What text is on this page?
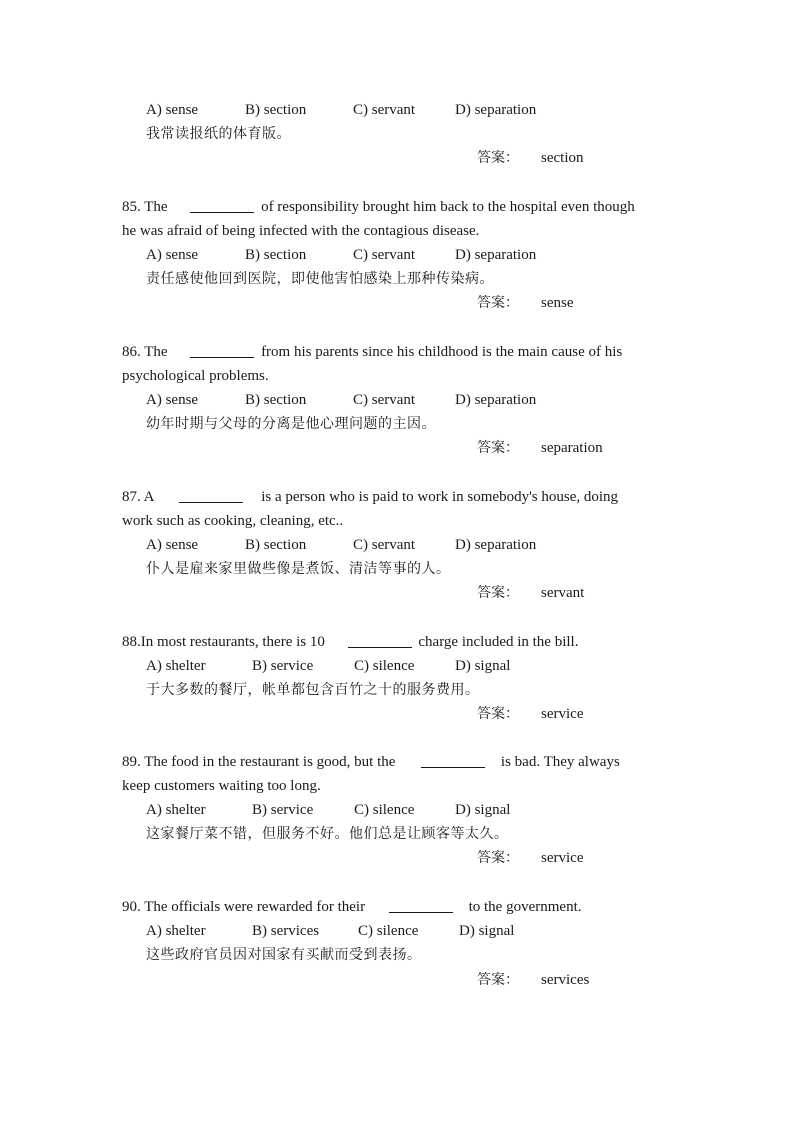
A) sense	B) section	C) servant	D) separation
我常读报纸的体育版。
答案： section
85. The	of responsibility brought him back to the hospital even though
he was afraid of being infected with the contagious disease.
A) sense	B) section	C) servant	D) separation
责任感使他回到医院，即使他害怕感染上那种传染病。
答案： sense
86. The	from his parents since his childhood is the main cause of his
psychological problems.
A) sense	B) section	C) servant	D) separation
幼年时期与父母的分离是他心理问题的主因。
答案： separation
87. A	is a person who is paid to work in somebody's house, doing
work such as cooking, cleaning, etc..
A) sense	B) section	C) servant	D) separation
仆人是雇来家里做些像是煮饭、清洁等事的人。
答案： servant
88.In most restaurants, there is 10	charge included in the bill.
A) shelter	B) service	C) silence	D) signal
于大多数的餐厅，帐单都包含百竹之十的服务费用。
答案： service
89. The food in the restaurant is good, but the	is bad. They always
keep customers waiting too long.
A) shelter	B) service	C) silence	D) signal
这家餐厅菜不错，但服务不好。他们总是让顾客等太久。
答案： service
90. The officials were rewarded for their	to the government.
A) shelter	B) services	C) silence	D) signal
这些政府官员因对国家有买献而受到表扬。
答案： services
